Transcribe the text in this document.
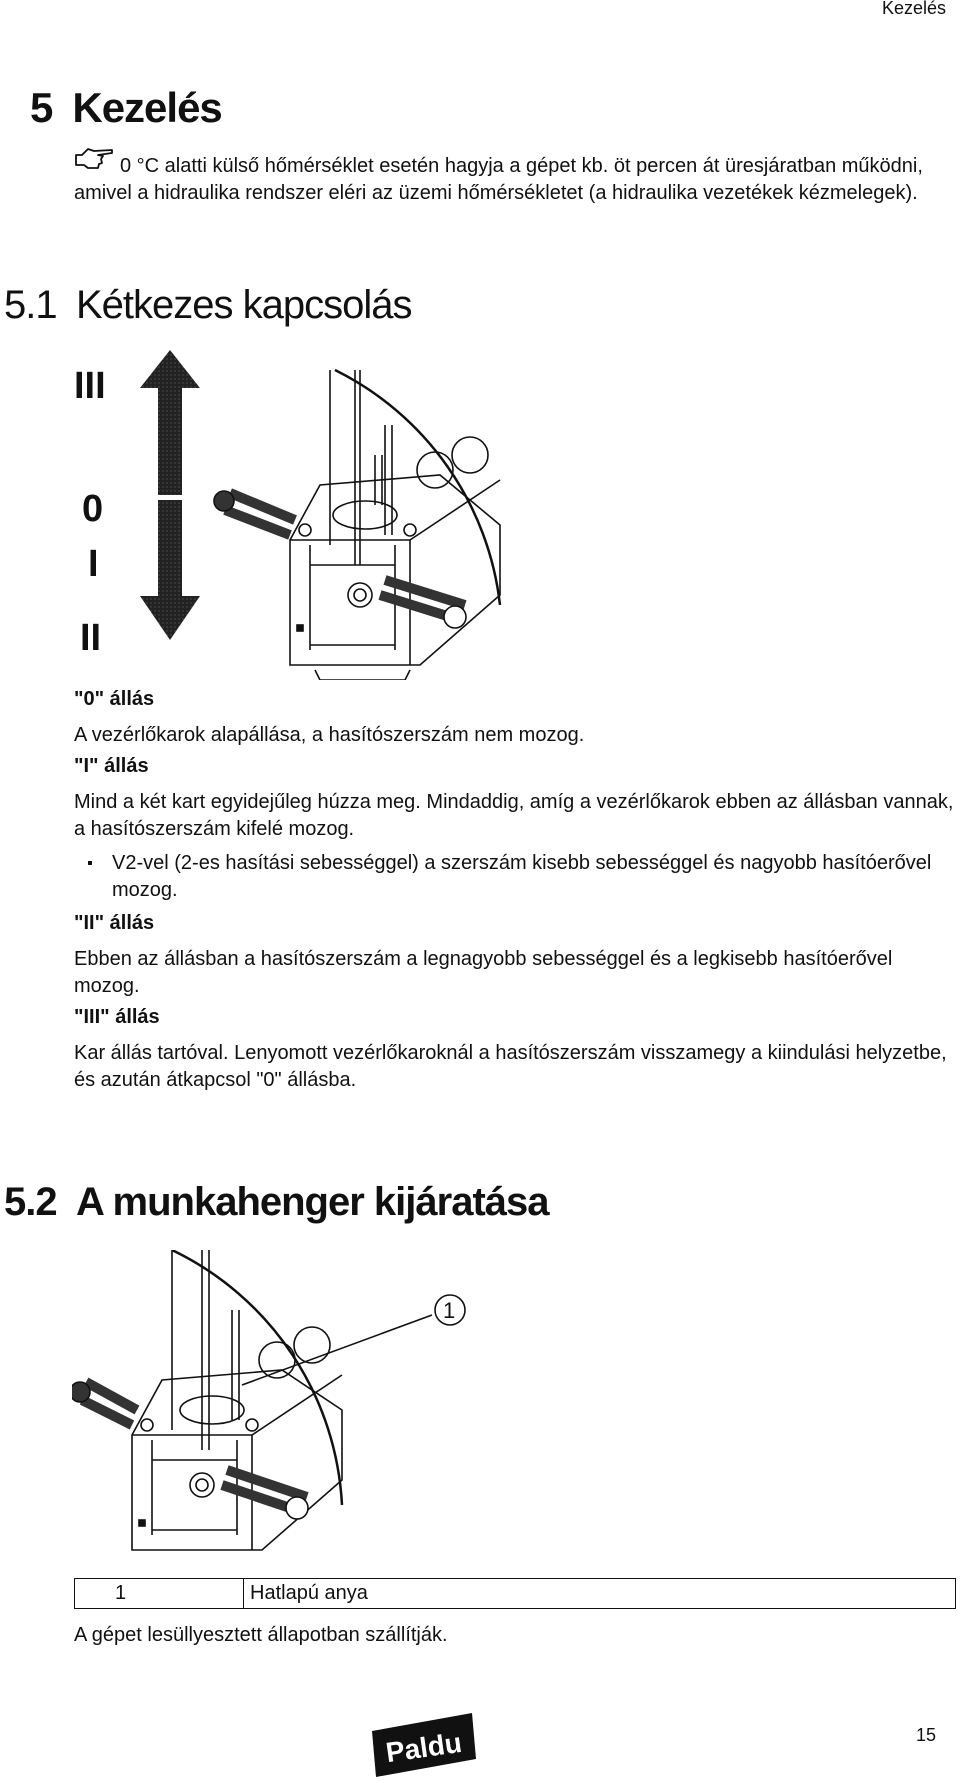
Kezelés
5 Kezelés
0 °C alatti külső hőmérséklet esetén hagyja a gépet kb. öt percen át üresjáratban működni, amivel a hidraulika rendszer eléri az üzemi hőmérsékletet (a hidraulika vezetékek kézmelegek).
5.1 Kétkezes kapcsolás
III
0
I
II
"0" állás
A vezérlőkarok alapállása, a hasítószerszám nem mozog.
"I" állás
Mind a két kart egyidejűleg húzza meg. Mindaddig, amíg a vezérlőkarok ebben az állásban vannak, a hasítószerszám kifelé mozog.
V2-vel (2-es hasítási sebességgel) a szerszám kisebb sebességgel és nagyobb hasítóerővel mozog.
"II" állás
Ebben az állásban a hasítószerszám a legnagyobb sebességgel és a legkisebb hasítóerővel mozog.
"III" állás
Kar állás tartóval. Lenyomott vezérlőkaroknál a hasítószerszám visszamegy a kiindulási helyzetbe, és azután átkapcsol "0" állásba.
5.2 A munkahenger kijáratása
1
1	Hatlapú anya
A gépet lesüllyesztett állapotban szállítják.
Paldu	15
